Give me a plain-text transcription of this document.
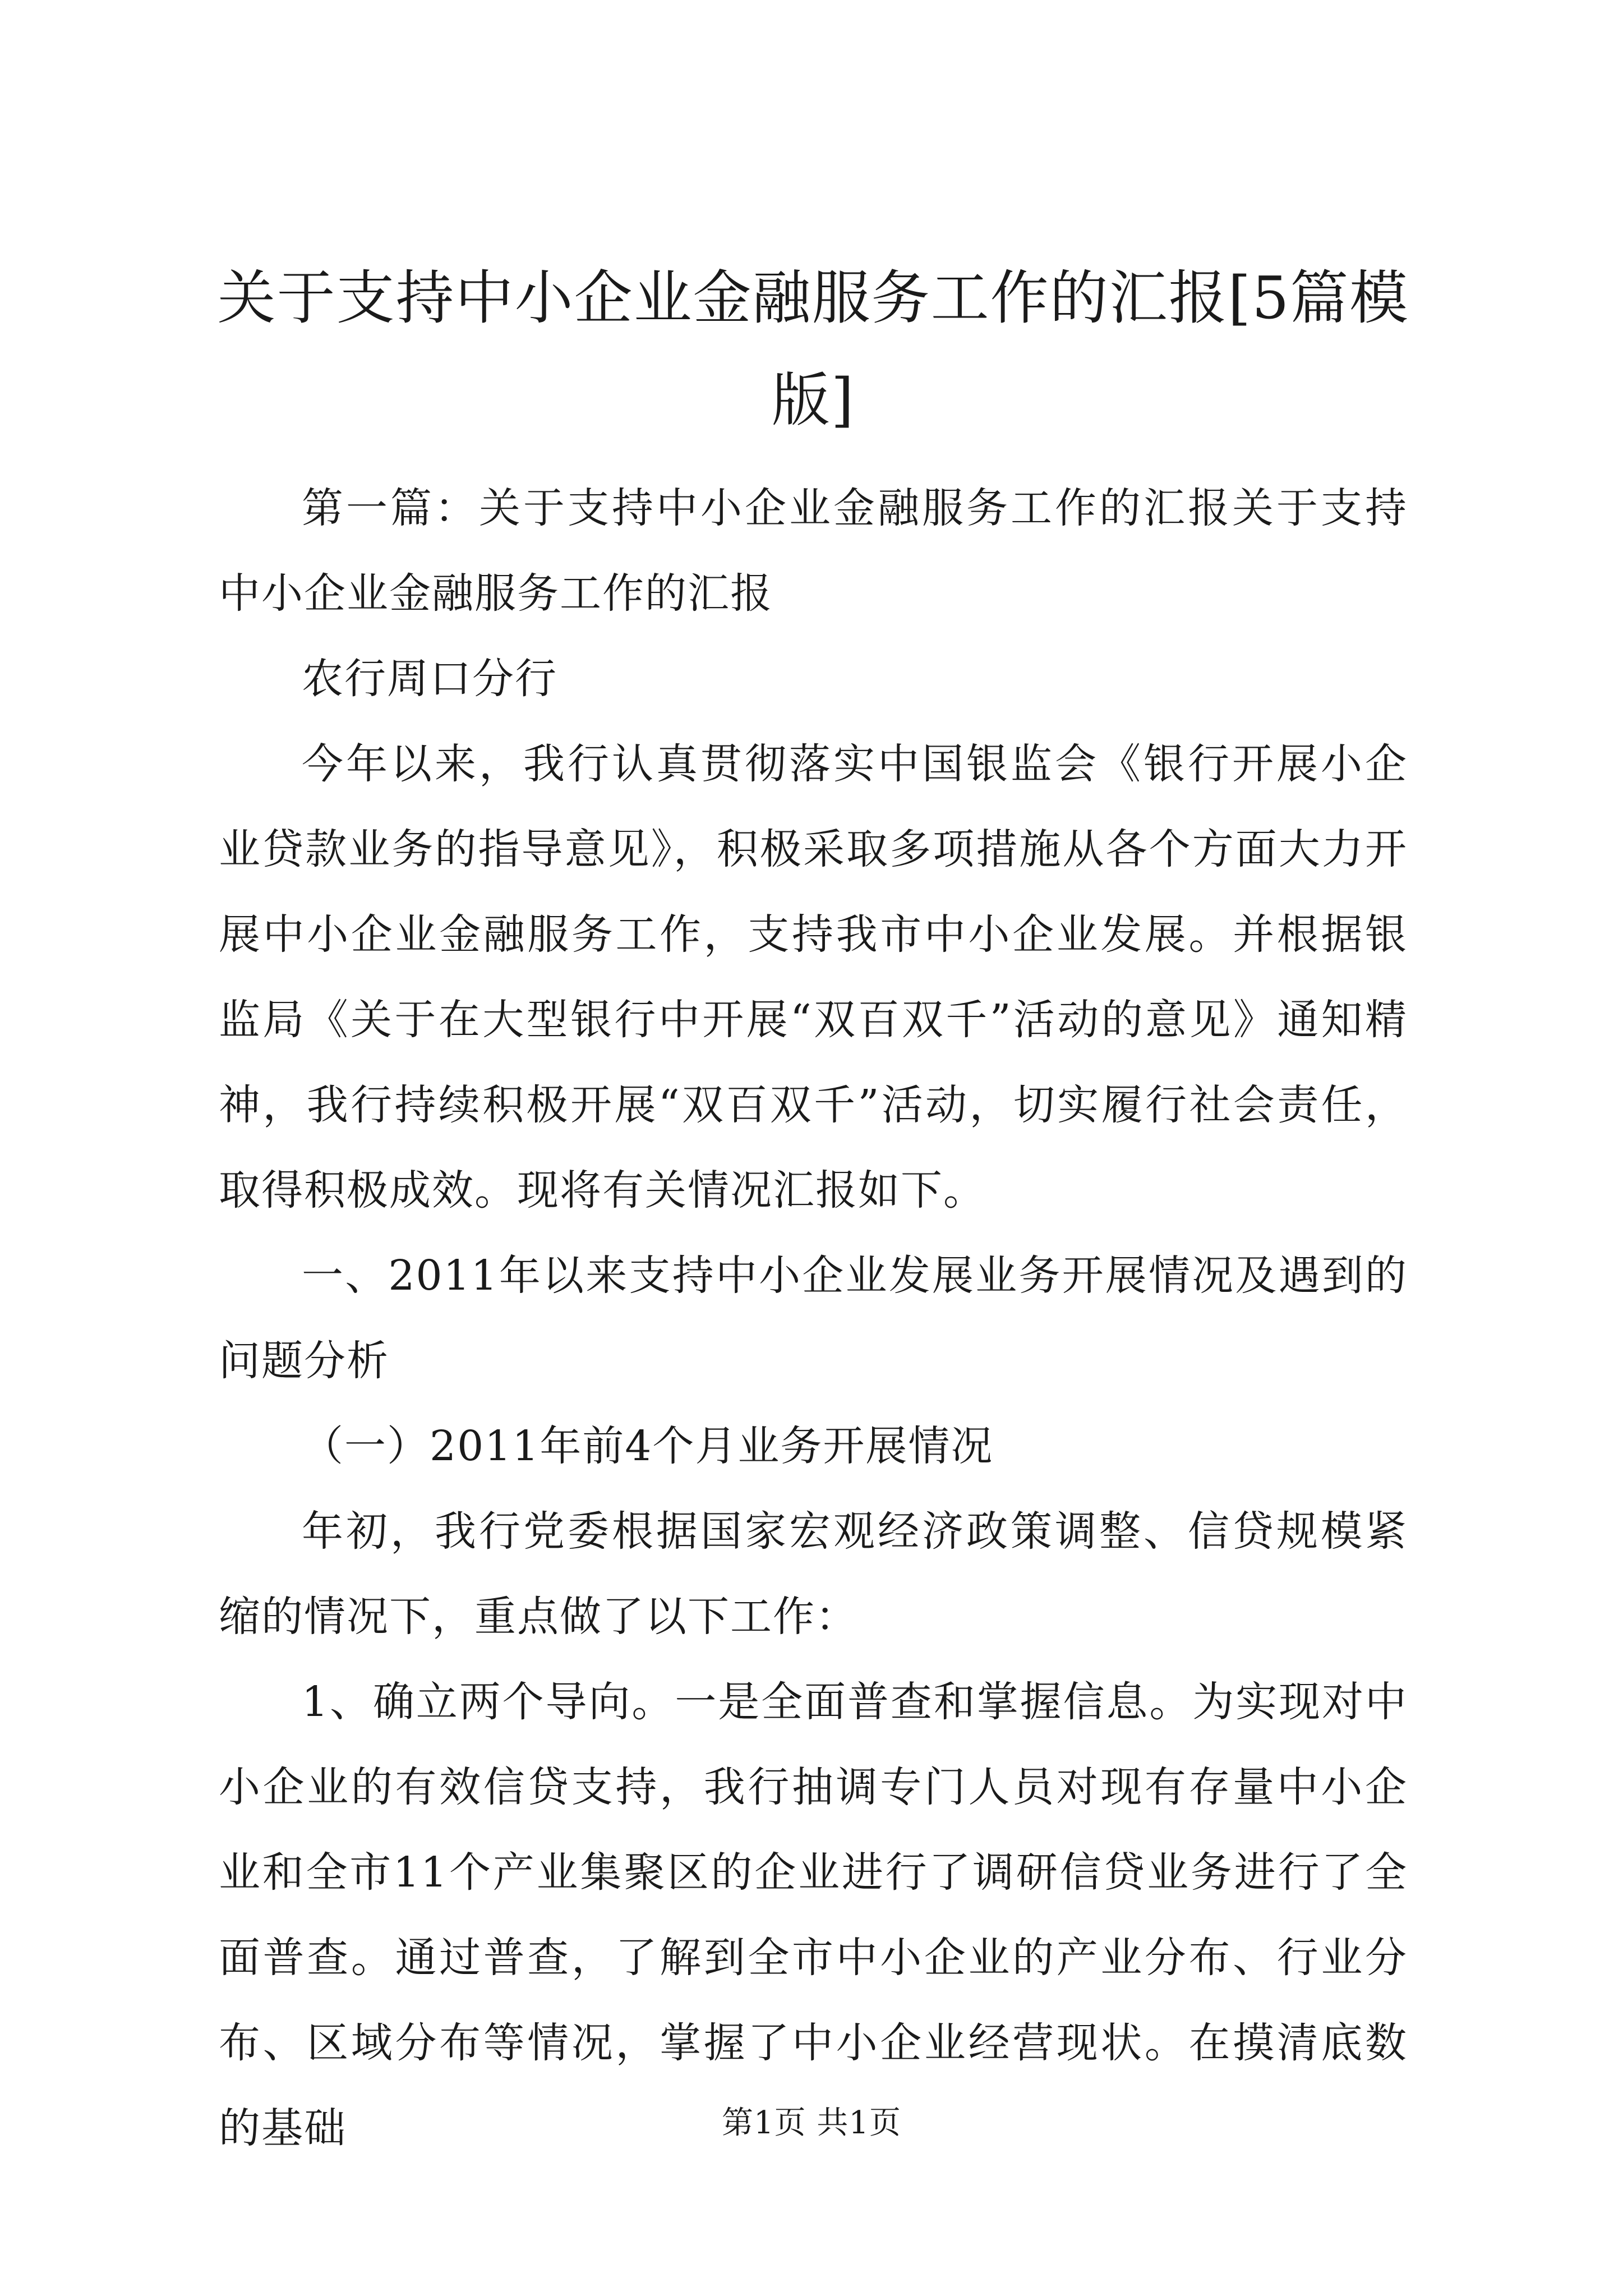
关于支持中小企业金融服务工作的汇报[5篇模版]

第一篇：关于支持中小企业金融服务工作的汇报关于支持中小企业金融服务工作的汇报

农行周口分行

今年以来，我行认真贯彻落实中国银监会《银行开展小企业贷款业务的指导意见》，积极采取多项措施从各个方面大力开展中小企业金融服务工作，支持我市中小企业发展。并根据银监局《关于在大型银行中开展“双百双千”活动的意见》通知精神，我行持续积极开展“双百双千”活动，切实履行社会责任，取得积极成效。现将有关情况汇报如下。

一、2011年以来支持中小企业发展业务开展情况及遇到的问题分析

（一）2011年前4个月业务开展情况

年初，我行党委根据国家宏观经济政策调整、信贷规模紧缩的情况下，重点做了以下工作：

1、确立两个导向。一是全面普查和掌握信息。为实现对中小企业的有效信贷支持，我行抽调专门人员对现有存量中小企业和全市11个产业集聚区的企业进行了调研信贷业务进行了全面普查。通过普查，了解到全市中小企业的产业分布、行业分布、区域分布等情况，掌握了中小企业经营现状。在摸清底数的基础	第1页 共1页
